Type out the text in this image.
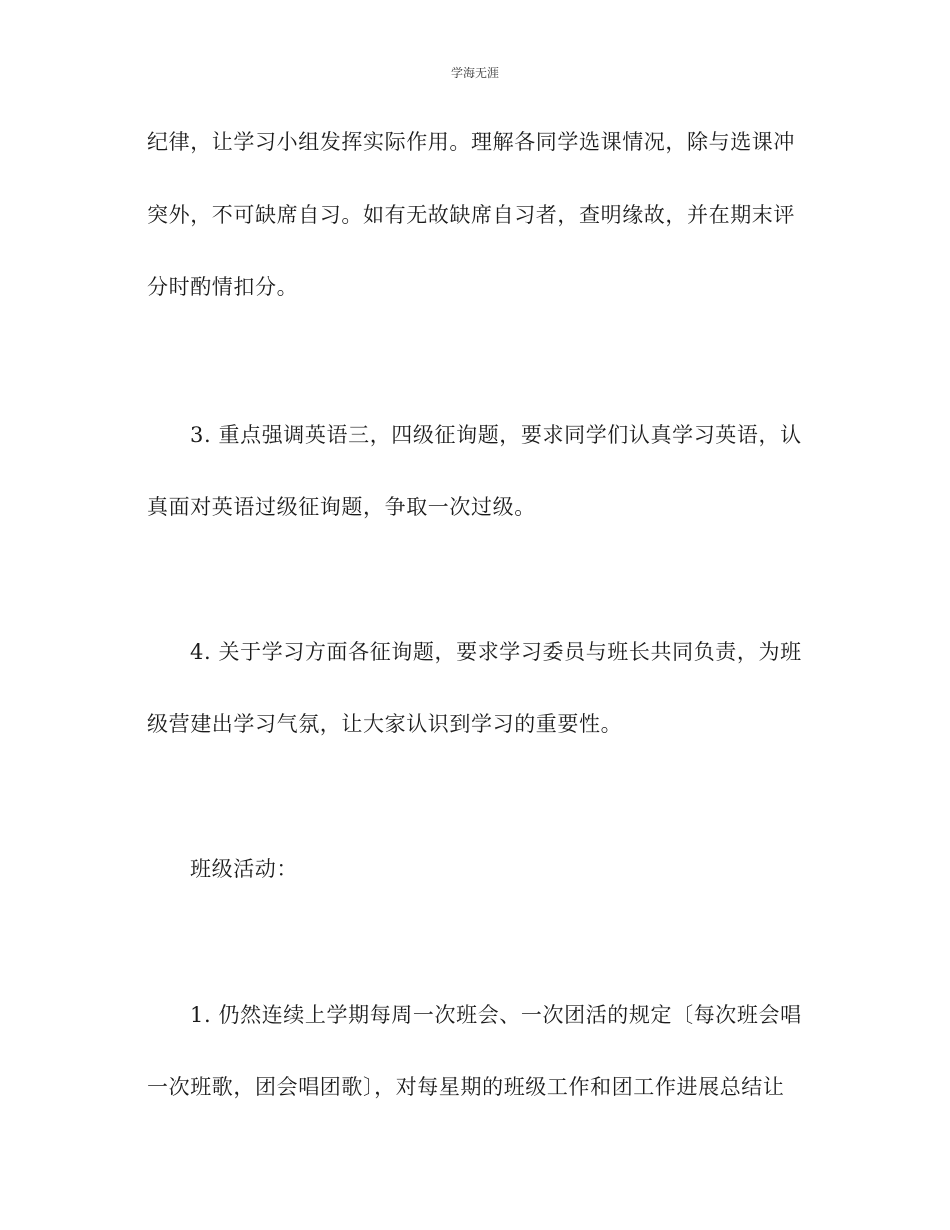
学海无涯
纪律，让学习小组发挥实际作用。理解各同学选课情况，除与选课冲
突外，不可缺席自习。如有无故缺席自习者，查明缘故，并在期末评
分时酌情扣分。
3. 重点强调英语三，四级征询题，要求同学们认真学习英语，认
真面对英语过级征询题，争取一次过级。
4. 关于学习方面各征询题，要求学习委员与班长共同负责，为班
级营建出学习气氛，让大家认识到学习的重要性。
班级活动：
1. 仍然连续上学期每周一次班会、一次团活的规定〔每次班会唱
一次班歌，团会唱团歌〕，对每星期的班级工作和团工作进展总结让
